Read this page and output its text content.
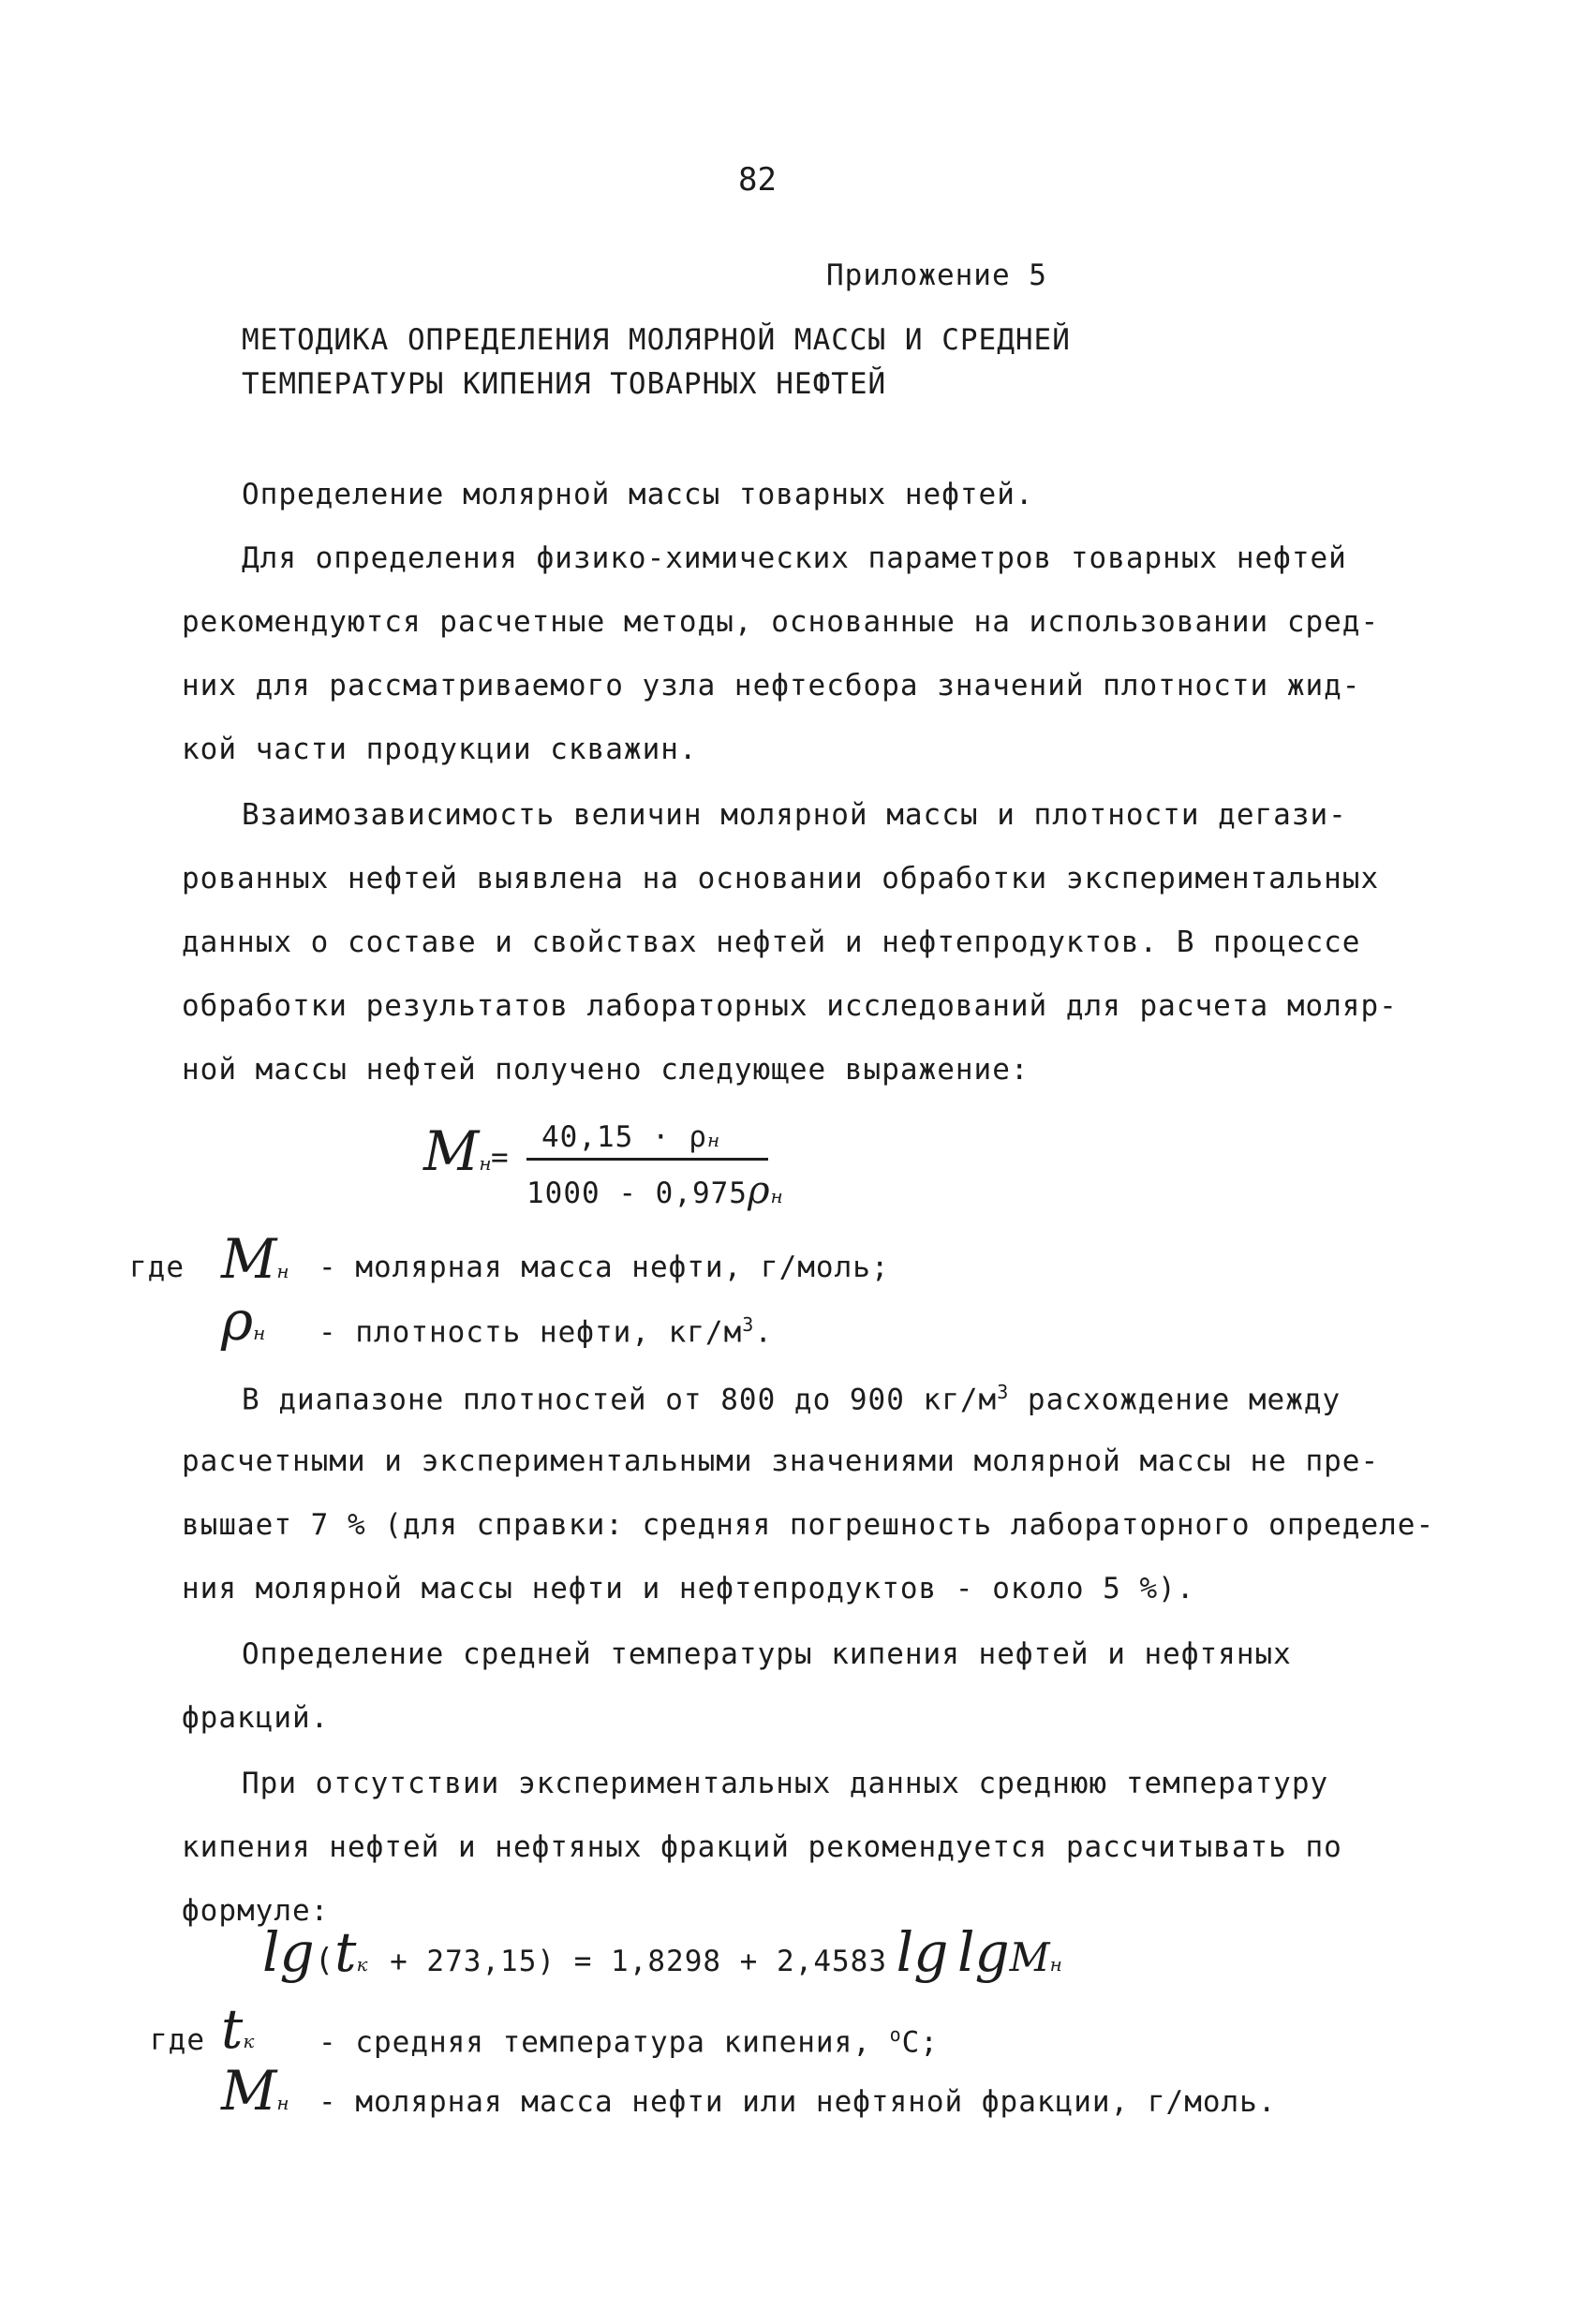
82
Приложение 5
МЕТОДИКА ОПРЕДЕЛЕНИЯ МОЛЯРНОЙ МАССЫ И СРЕДНЕЙ
ТЕМПЕРАТУРЫ КИПЕНИЯ ТОВАРНЫХ НЕФТЕЙ
Определение молярной массы товарных нефтей.
Для определения физико-химических параметров товарных нефтей
рекомендуются расчетные методы, основанные на использовании сред-
них для рассматриваемого узла нефтесбора значений плотности жид-
кой части продукции скважин.
Взаимозависимость величин молярной массы и плотности дегази-
рованных нефтей выявлена на основании обработки экспериментальных
данных о составе и свойствах нефтей и нефтепродуктов. В процессе
обработки результатов лабораторных исследований для расчета моляр-
ной массы нефтей получено следующее выражение:
Mн =
40,15 · ρн
1000 - 0,975ρн
где Mн - молярная масса нефти, г/моль;
ρн - плотность нефти, $кг/м^3$.
В диапазоне плотностей от 800 до 900 $кг/м^3$ расхождение между
расчетными и экспериментальными значениями молярной массы не пре-
вышает 7 % (для справки: средняя погрешность лабораторного определе-
ния молярной массы нефти и нефтепродуктов - около 5 %).
Определение средней температуры кипения нефтей и нефтяных
фракций.
При отсутствии экспериментальных данных среднюю температуру
кипения нефтей и нефтяных фракций рекомендуется рассчитывать по
формуле:
lg(tк + 273,15) = 1,8298 + 2,4583 lg lgMн
где tк - средняя температура кипения, $^о$С;
Mн - молярная масса нефти или нефтяной фракции, г/моль.
